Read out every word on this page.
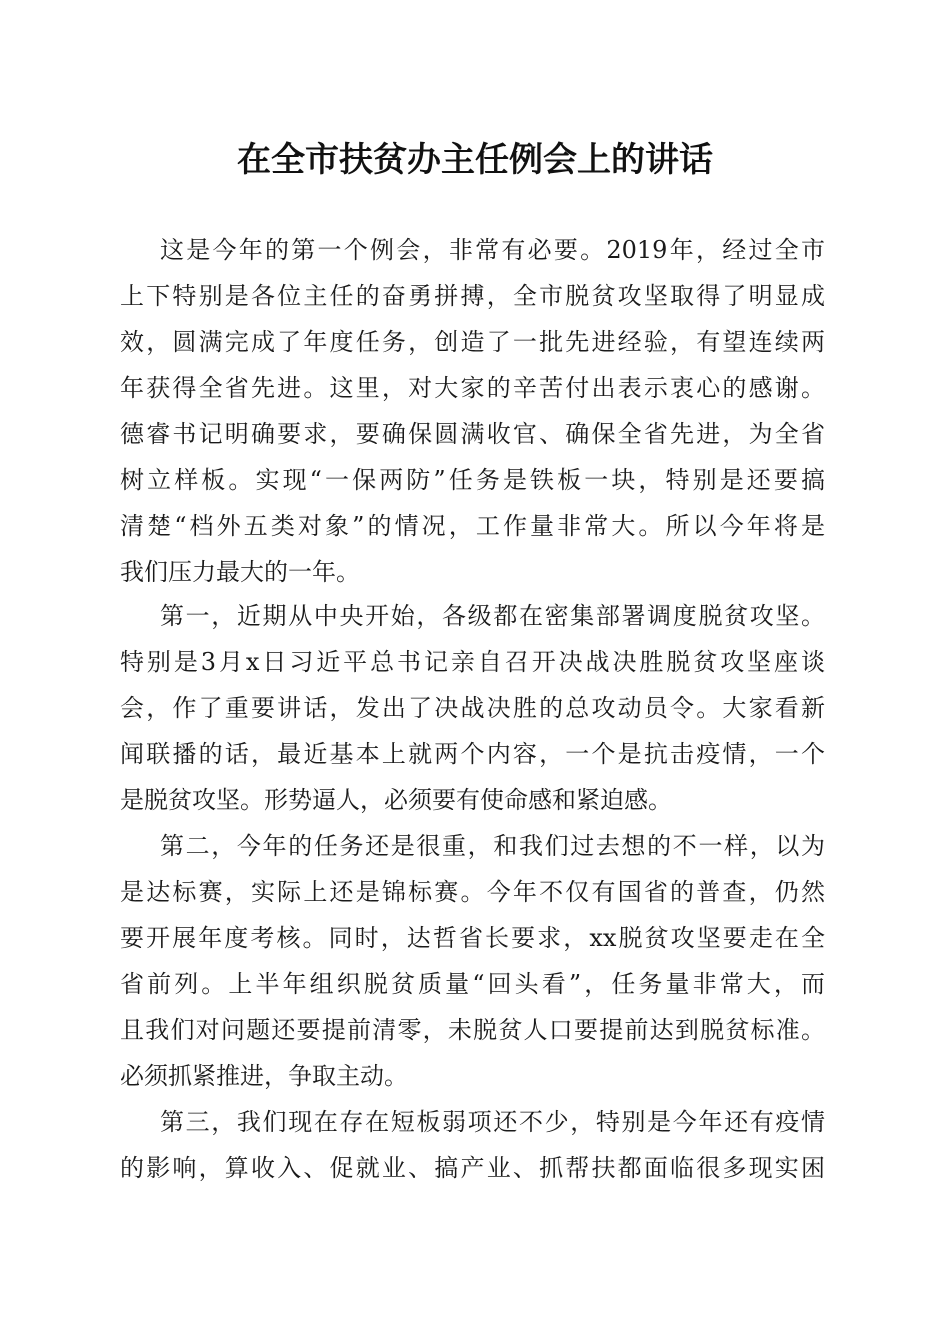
在全市扶贫办主任例会上的讲话
这是今年的第一个例会，非常有必要。2019年，经过全市
上下特别是各位主任的奋勇拼搏，全市脱贫攻坚取得了明显成
效，圆满完成了年度任务，创造了一批先进经验，有望连续两
年获得全省先进。这里，对大家的辛苦付出表示衷心的感谢。
德睿书记明确要求，要确保圆满收官、确保全省先进，为全省
树立样板。实现“一保两防”任务是铁板一块，特别是还要搞
清楚“档外五类对象”的情况，工作量非常大。所以今年将是
我们压力最大的一年。
第一，近期从中央开始，各级都在密集部署调度脱贫攻坚。
特别是3月x日习近平总书记亲自召开决战决胜脱贫攻坚座谈
会，作了重要讲话，发出了决战决胜的总攻动员令。大家看新
闻联播的话，最近基本上就两个内容，一个是抗击疫情，一个
是脱贫攻坚。形势逼人，必须要有使命感和紧迫感。
第二，今年的任务还是很重，和我们过去想的不一样，以为
是达标赛，实际上还是锦标赛。今年不仅有国省的普查，仍然
要开展年度考核。同时，达哲省长要求，xx脱贫攻坚要走在全
省前列。上半年组织脱贫质量“回头看”，任务量非常大，而
且我们对问题还要提前清零，未脱贫人口要提前达到脱贫标准。
必须抓紧推进，争取主动。
第三，我们现在存在短板弱项还不少，特别是今年还有疫情
的影响，算收入、促就业、搞产业、抓帮扶都面临很多现实困
